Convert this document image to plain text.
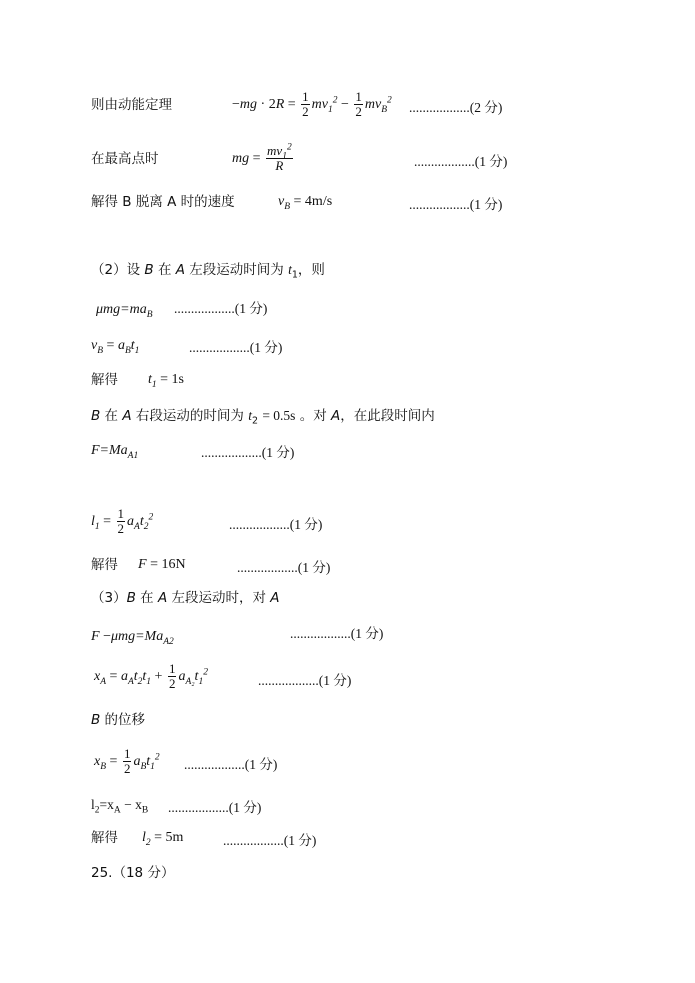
则由动能定理	$-mg \cdot 2R = \frac{1}{2} mv_1^2 - \frac{1}{2} mv_B^2$ ..................(2 分)
在最高点时	mg = $\frac{mv_1^2}{R}$	..................(1 分)
解得 B 脱离 A 时的速度	$v_B = 4m/s$	..................(1 分)
（2）设 B 在 A 左段运动时间为 $t_1$，则
$\mu mg=ma_B$ ..................(1 分)
$v_B = a_Bt_1$	..................(1 分)
解得 $t_1 = 1s$
B 在 A 右段运动的时间为 $t_2 = 0.5s$ 。对 A，在此段时间内
$F=Ma_{A1}$	..................(1 分)
$l_1 = \frac{1}{2} a_At_2^2$	..................(1 分)
解得 F = 16N	..................(1 分)
（3）B 在 A 左段运动时，对 A
$F -\mu mg=Ma_{A2}$
..................(1 分)
$x_A = a_At_2t_1 + \frac{1}{2} a_{A_2}t_1^2$
..................(1 分)
B 的位移
$x_B = \frac{1}{2} a_Bt_1^2$ ..................(1 分)
$l_2=x_A - x_B$ ..................(1 分)
解得 $l_2 = 5m$	..................(1 分)
25.（18 分）
